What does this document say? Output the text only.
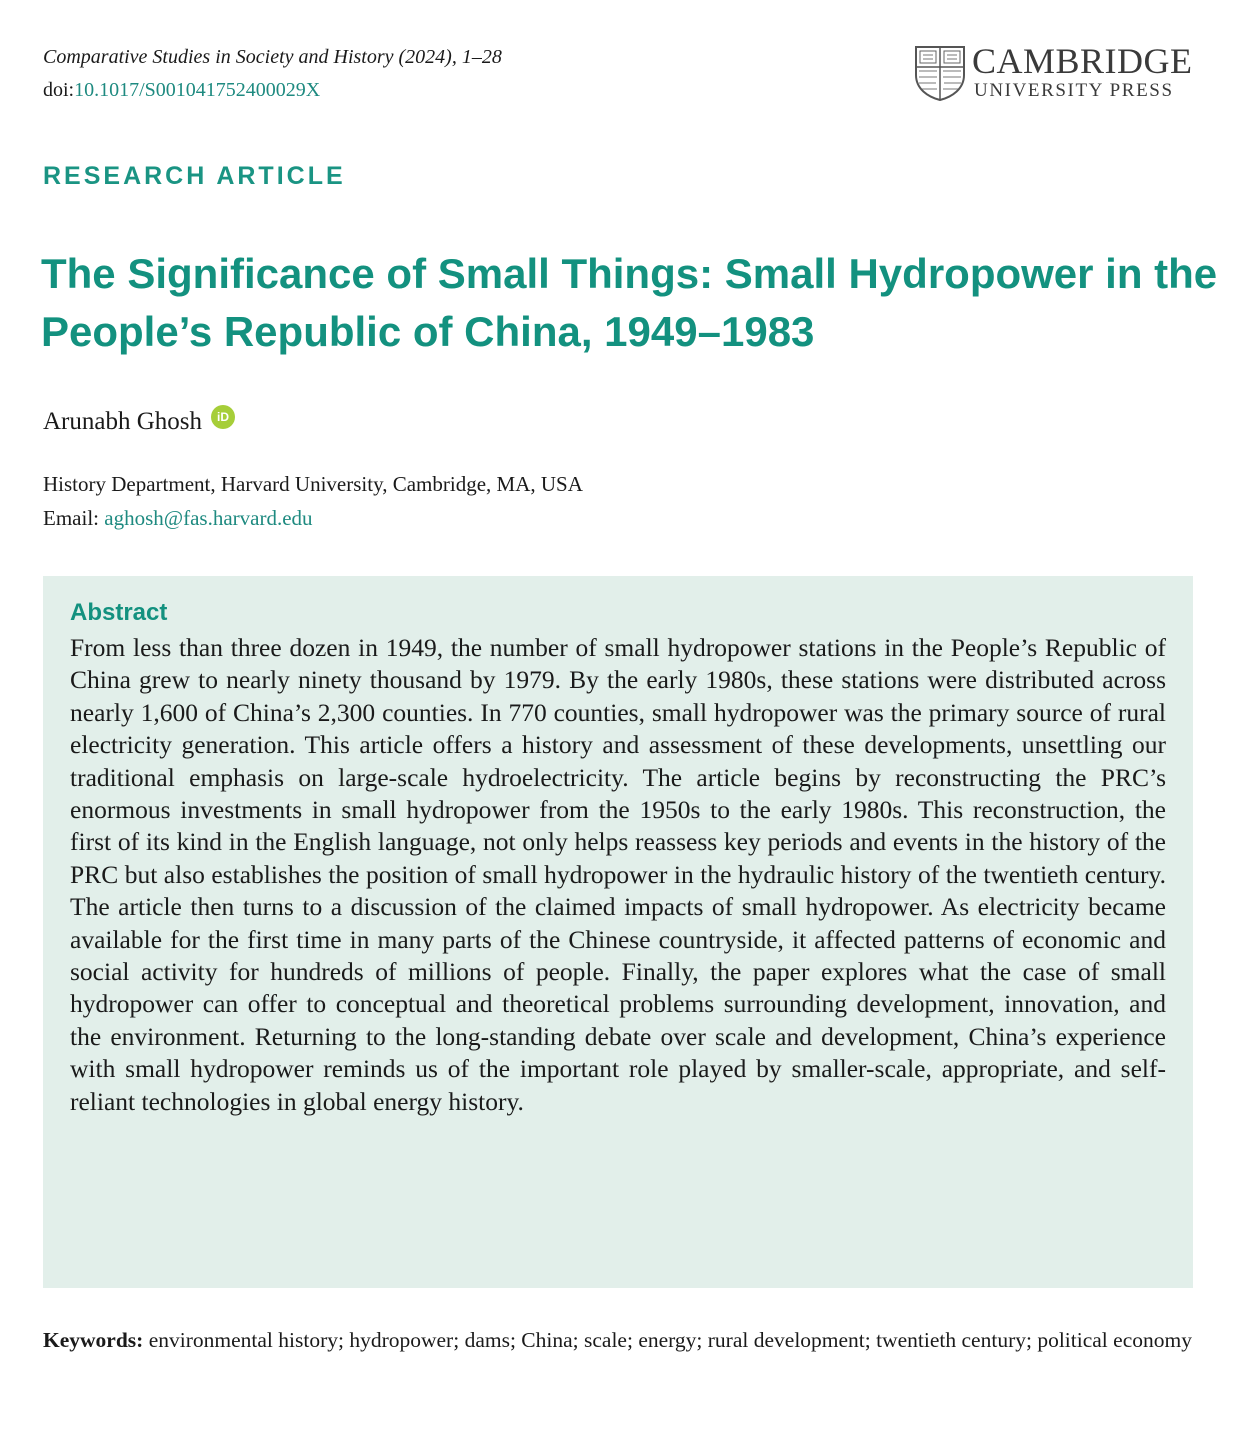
Comparative Studies in Society and History (2024), 1–28
doi:10.1017/S001041752400029X
CAMBRIDGE
UNIVERSITY PRESS
RESEARCH ARTICLE
The Significance of Small Things: Small Hydropower in the People’s Republic of China, 1949–1983
Arunabh Ghosh	iD
History Department, Harvard University, Cambridge, MA, USA
Email: aghosh@fas.harvard.edu
Abstract

From less than three dozen in 1949, the number of small hydropower stations in the People’s Republic of China grew to nearly ninety thousand by 1979. By the early 1980s, these stations were distributed across nearly 1,600 of China’s 2,300 counties. In 770 counties, small hydropower was the primary source of rural electricity generation. This article offers a history and assessment of these developments, unsettling our traditional emphasis on large-scale hydroelectricity. The article begins by reconstructing the PRC’s enormous investments in small hydropower from the 1950s to the early 1980s. This reconstruction, the first of its kind in the English language, not only helps reassess key periods and events in the history of the PRC but also establishes the position of small hydropower in the hydraulic history of the twentieth century. The article then turns to a discussion of the claimed impacts of small hydropower. As electricity became available for the first time in many parts of the Chinese countryside, it affected patterns of economic and social activity for hundreds of millions of people. Finally, the paper explores what the case of small hydropower can offer to conceptual and theoretical problems surrounding development, innovation, and the environment. Returning to the long-standing debate over scale and development, China’s experience with small hydropower reminds us of the important role played by smaller-scale, appropriate, and self-reliant technologies in global energy history.

Keywords: environmental history; hydropower; dams; China; scale; energy; rural development; twentieth century; political economy
